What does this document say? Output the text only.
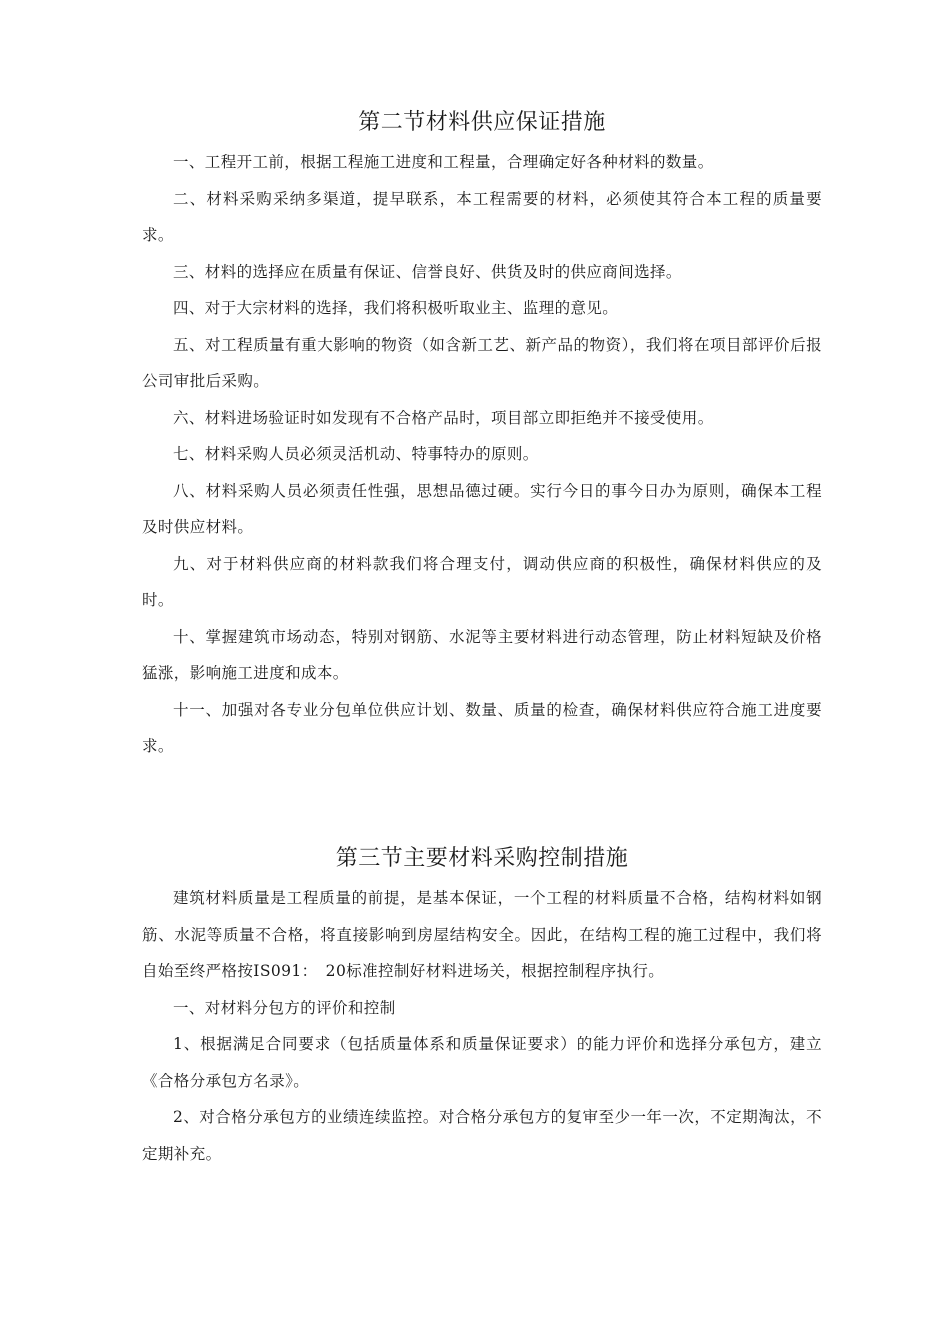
第二节材料供应保证措施

一、工程开工前，根据工程施工进度和工程量，合理确定好各种材料的数量。

二、材料采购采纳多渠道，提早联系，本工程需要的材料，必须使其符合本工程的质量要求。

三、材料的选择应在质量有保证、信誉良好、供货及时的供应商间选择。

四、对于大宗材料的选择，我们将积极听取业主、监理的意见。

五、对工程质量有重大影响的物资（如含新工艺、新产品的物资），我们将在项目部评价后报公司审批后采购。

六、材料进场验证时如发现有不合格产品时，项目部立即拒绝并不接受使用。

七、材料采购人员必须灵活机动、特事特办的原则。

八、材料采购人员必须责任性强，思想品德过硬。实行今日的事今日办为原则，确保本工程及时供应材料。

九、对于材料供应商的材料款我们将合理支付，调动供应商的积极性，确保材料供应的及时。

十、掌握建筑市场动态，特别对钢筋、水泥等主要材料进行动态管理，防止材料短缺及价格猛涨，影响施工进度和成本。

十一、加强对各专业分包单位供应计划、数量、质量的检查，确保材料供应符合施工进度要求。

第三节主要材料采购控制措施

建筑材料质量是工程质量的前提，是基本保证，一个工程的材料质量不合格，结构材料如钢筋、水泥等质量不合格，将直接影响到房屋结构安全。因此，在结构工程的施工过程中，我们将自始至终严格按IS091：　20标准控制好材料进场关，根据控制程序执行。

一、对材料分包方的评价和控制

1、根据满足合同要求（包括质量体系和质量保证要求）的能力评价和选择分承包方，建立《合格分承包方名录》。

2、对合格分承包方的业绩连续监控。对合格分承包方的复审至少一年一次，不定期淘汰，不定期补充。
